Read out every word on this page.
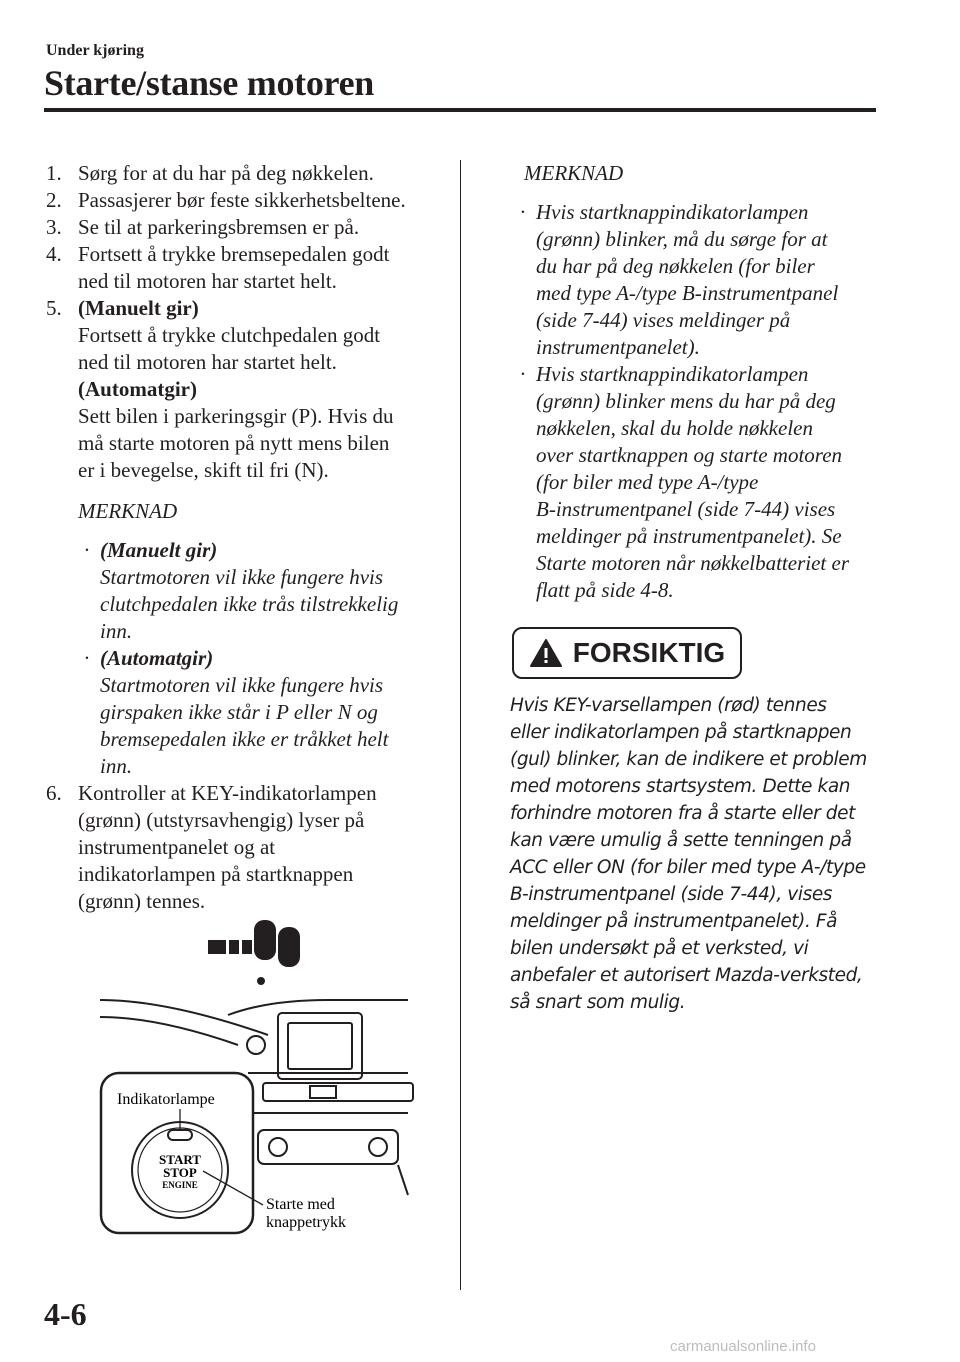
Under kjøring
Starte/stanse motoren
1. Sørg for at du har på deg nøkkelen.
2. Passasjerer bør feste sikkerhetsbeltene.
3. Se til at parkeringsbremsen er på.
4. Fortsett å trykke bremsepedalen godt
ned til motoren har startet helt.
5. (Manuelt gir)
Fortsett å trykke clutchpedalen godt
ned til motoren har startet helt.
(Automatgir)
Sett bilen i parkeringsgir (P). Hvis du
må starte motoren på nytt mens bilen
er i bevegelse, skift til fri (N).
MERKNAD
· (Manuelt gir)
Startmotoren vil ikke fungere hvis
clutchpedalen ikke trås tilstrekkelig
inn.
· (Automatgir)
Startmotoren vil ikke fungere hvis
girspaken ikke står i P eller N og
bremsepedalen ikke er tråkket helt
inn.
6. Kontroller at KEY-indikatorlampen
(grønn) (utstyrsavhengig) lyser på
instrumentpanelet og at
indikatorlampen på startknappen
(grønn) tennes.
START
STOP
ENGINE
Indikatorlampe
Starte med
knappetrykk
MERKNAD
· Hvis startknappindikatorlampen
(grønn) blinker, må du sørge for at
du har på deg nøkkelen (for biler
med type A-/type B-instrumentpanel
(side 7-44) vises meldinger på
instrumentpanelet).
· Hvis startknappindikatorlampen
(grønn) blinker mens du har på deg
nøkkelen, skal du holde nøkkelen
over startknappen og starte motoren
(for biler med type A-/type
B-instrumentpanel (side 7-44) vises
meldinger på instrumentpanelet). Se
Starte motoren når nøkkelbatteriet er
flatt på side 4-8.
FORSIKTIG
Hvis KEY-varsellampen (rød) tennes
eller indikatorlampen på startknappen
(gul) blinker, kan de indikere et problem
med motorens startsystem. Dette kan
forhindre motoren fra å starte eller det
kan være umulig å sette tenningen på
ACC eller ON (for biler med type A-/type
B-instrumentpanel (side 7-44), vises
meldinger på instrumentpanelet). Få
bilen undersøkt på et verksted, vi
anbefaler et autorisert Mazda-verksted,
så snart som mulig.
4-6
carmanualsonline.info
